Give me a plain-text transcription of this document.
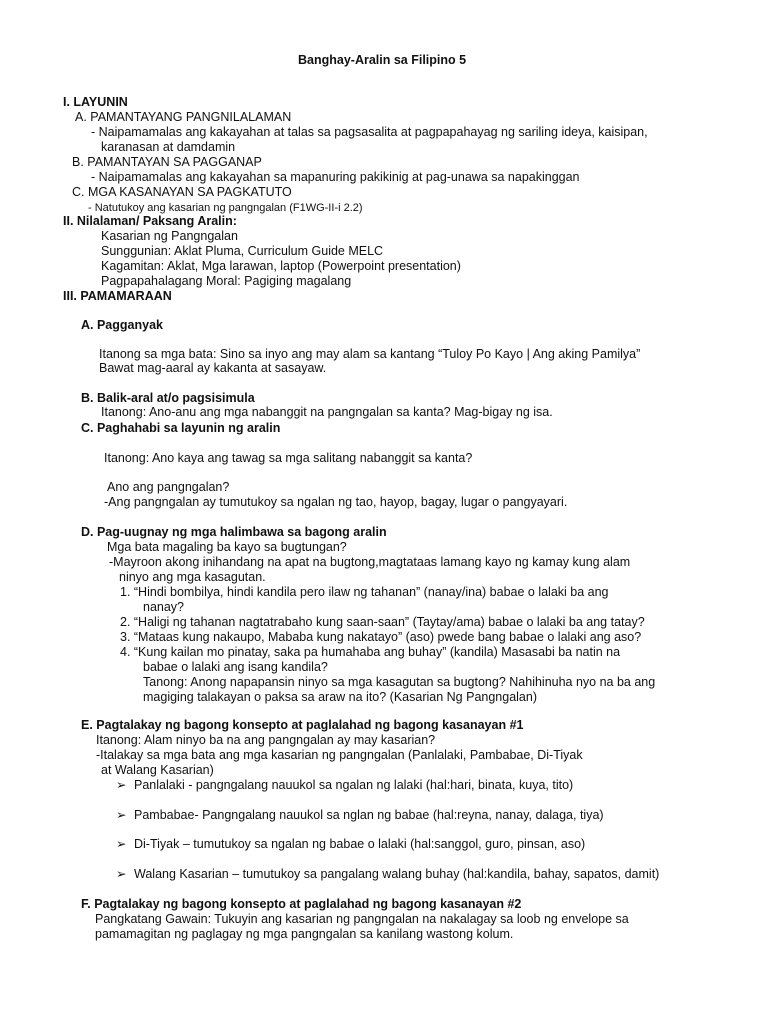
Banghay-Aralin sa Filipino 5
I. LAYUNIN
A. PAMANTAYANG PANGNILALAMAN
- Naipamamalas ang kakayahan at talas sa pagsasalita at pagpapahayag ng sariling ideya, kaisipan,
karanasan at damdamin
B. PAMANTAYAN SA PAGGANAP
- Naipamamalas ang kakayahan sa mapanuring pakikinig at pag-unawa sa napakinggan
C. MGA KASANAYAN SA PAGKATUTO
- Natutukoy ang kasarian ng pangngalan (F1WG-II-i 2.2)
II. Nilalaman/ Paksang Aralin:
Kasarian ng Pangngalan
Sunggunian: Aklat Pluma, Curriculum Guide MELC
Kagamitan: Aklat, Mga larawan, laptop (Powerpoint presentation)
Pagpapahalagang Moral: Pagiging magalang
III. PAMAMARAAN
A. Pagganyak
Itanong sa mga bata: Sino sa inyo ang may alam sa kantang “Tuloy Po Kayo | Ang aking Pamilya”
Bawat mag-aaral ay kakanta at sasayaw.
B. Balik-aral at/o pagsisimula
Itanong: Ano-anu ang mga nabanggit na pangngalan sa kanta? Mag-bigay ng isa.
C. Paghahabi sa layunin ng aralin
Itanong: Ano kaya ang tawag sa mga salitang nabanggit sa kanta?
Ano ang pangngalan?
-Ang pangngalan ay tumutukoy sa ngalan ng tao, hayop, bagay, lugar o pangyayari.
D. Pag-uugnay ng mga halimbawa sa bagong aralin
Mga bata magaling ba kayo sa bugtungan?
-Mayroon akong inihandang na apat na bugtong,magtataas lamang kayo ng kamay kung alam
ninyo ang mga kasagutan.
1. “Hindi bombilya, hindi kandila pero ilaw ng tahanan” (nanay/ina) babae o lalaki ba ang
nanay?
2. “Haligi ng tahanan nagtatrabaho kung saan-saan” (Taytay/ama) babae o lalaki ba ang tatay?
3. “Mataas kung nakaupo, Mababa kung nakatayo” (aso) pwede bang babae o lalaki ang aso?
4. “Kung kailan mo pinatay, saka pa humahaba ang buhay” (kandila) Masasabi ba natin na
babae o lalaki ang isang kandila?
Tanong: Anong napapansin ninyo sa mga kasagutan sa bugtong? Nahihinuha nyo na ba ang
magiging talakayan o paksa sa araw na ito? (Kasarian Ng Pangngalan)
E. Pagtalakay ng bagong konsepto at paglalahad ng bagong kasanayan #1
Itanong: Alam ninyo ba na ang pangngalan ay may kasarian?
-Italakay sa mga bata ang mga kasarian ng pangngalan (Panlalaki, Pambabae, Di-Tiyak
at Walang Kasarian)
➢ Panlalaki - pangngalang nauukol sa ngalan ng lalaki (hal:hari, binata, kuya, tito)
➢ Pambabae- Pangngalang nauukol sa nglan ng babae (hal:reyna, nanay, dalaga, tiya)
➢ Di-Tiyak – tumutukoy sa ngalan ng babae o lalaki (hal:sanggol, guro, pinsan, aso)
➢ Walang Kasarian – tumutukoy sa pangalang walang buhay (hal:kandila, bahay, sapatos, damit)
F. Pagtalakay ng bagong konsepto at paglalahad ng bagong kasanayan #2
Pangkatang Gawain: Tukuyin ang kasarian ng pangngalan na nakalagay sa loob ng envelope sa
pamamagitan ng paglagay ng mga pangngalan sa kanilang wastong kolum.
